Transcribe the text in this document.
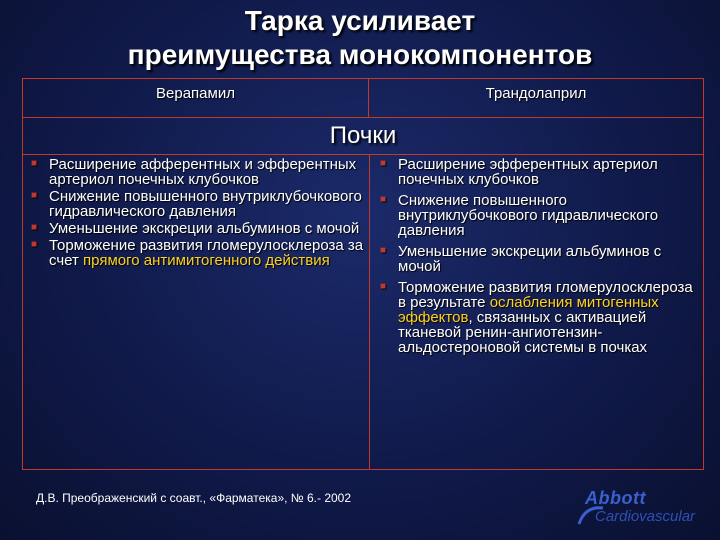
Тарка усиливает
преимущества монокомпонентов
Верапамил	Трандолаприл
Почки
■ Расширение афферентных и эфферентных артериол почечных клубочков
■ Снижение повышенного внутриклубочкового гидравлического давления
■ Уменьшение экскреции альбуминов с мочой
■ Торможение развития гломерулосклероза за счет прямого антимитогенного действия
■ Расширение эфферентных артериол почечных клубочков
■ Снижение повышенного внутриклубочкового гидравлического давления
■ Уменьшение экскреции альбуминов с мочой
■ Торможение развития гломерулосклероза в результате ослабления митогенных эффектов, связанных с активацией тканевой ренин-ангиотензин-альдостероновой системы в почках
Д.В. Преображенский с соавт., «Фарматека», № 6.- 2002	Abbott
Cardiovascular
